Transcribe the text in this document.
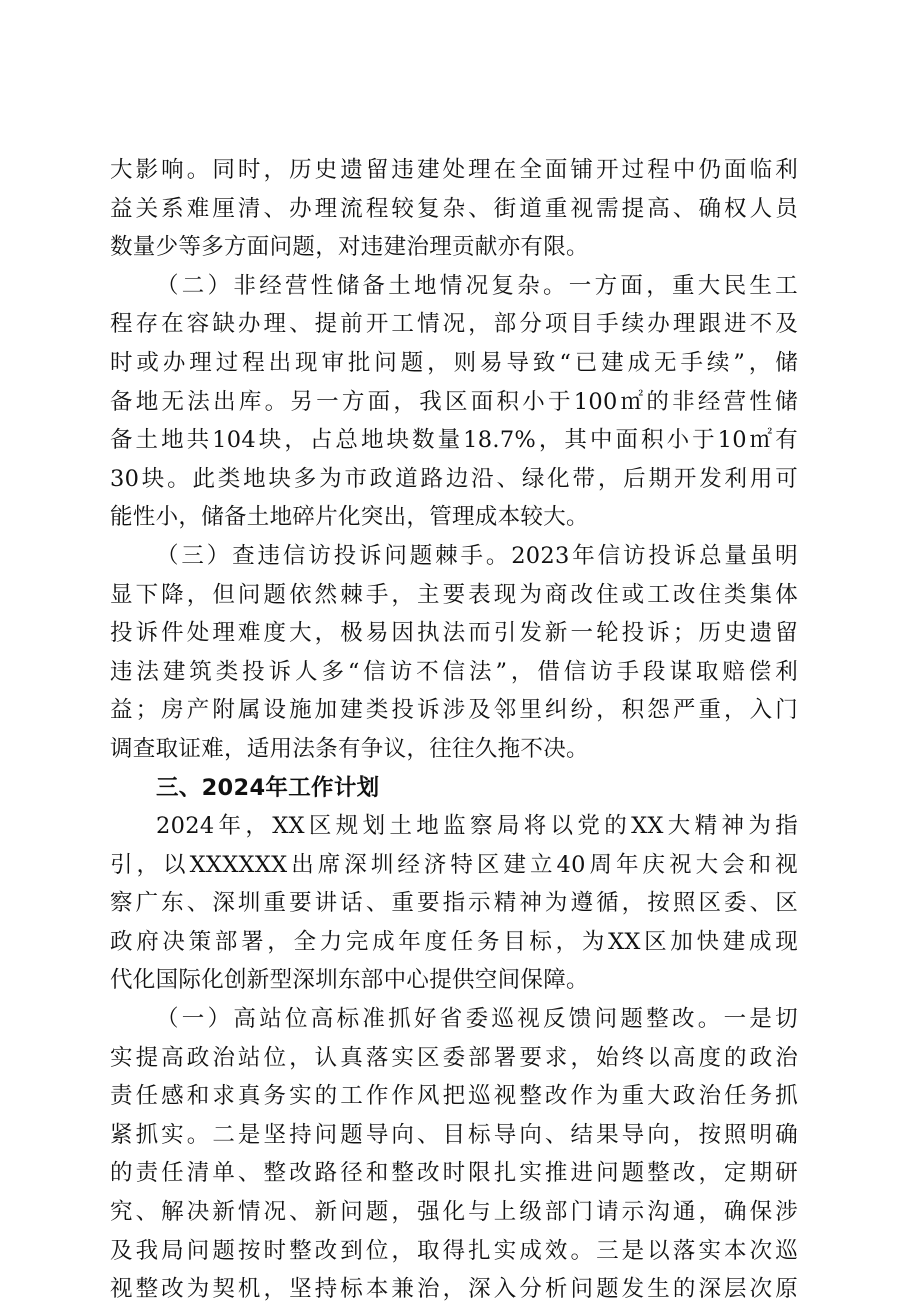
大影响。同时，历史遗留违建处理在全面铺开过程中仍面临利
益关系难厘清、办理流程较复杂、街道重视需提高、确权人员
数量少等多方面问题，对违建治理贡献亦有限。
（二）非经营性储备土地情况复杂。一方面，重大民生工
程存在容缺办理、提前开工情况，部分项目手续办理跟进不及
时或办理过程出现审批问题，则易导致“已建成无手续”，储
备地无法出库。另一方面，我区面积小于100㎡的非经营性储
备土地共104块，占总地块数量18.7%，其中面积小于10㎡有
30块。此类地块多为市政道路边沿、绿化带，后期开发利用可
能性小，储备土地碎片化突出，管理成本较大。
（三）查违信访投诉问题棘手。2023年信访投诉总量虽明
显下降，但问题依然棘手，主要表现为商改住或工改住类集体
投诉件处理难度大，极易因执法而引发新一轮投诉；历史遗留
违法建筑类投诉人多“信访不信法”，借信访手段谋取赔偿利
益；房产附属设施加建类投诉涉及邻里纠纷，积怨严重，入门
调查取证难，适用法条有争议，往往久拖不决。
三、2024年工作计划
2024年，XX区规划土地监察局将以党的XX大精神为指
引，以XXXXXX出席深圳经济特区建立40周年庆祝大会和视
察广东、深圳重要讲话、重要指示精神为遵循，按照区委、区
政府决策部署，全力完成年度任务目标，为XX区加快建成现
代化国际化创新型深圳东部中心提供空间保障。
（一）高站位高标准抓好省委巡视反馈问题整改。一是切
实提高政治站位，认真落实区委部署要求，始终以高度的政治
责任感和求真务实的工作作风把巡视整改作为重大政治任务抓
紧抓实。二是坚持问题导向、目标导向、结果导向，按照明确
的责任清单、整改路径和整改时限扎实推进问题整改，定期研
究、解决新情况、新问题，强化与上级部门请示沟通，确保涉
及我局问题按时整改到位，取得扎实成效。三是以落实本次巡
视整改为契机，坚持标本兼治，深入分析问题发生的深层次原
